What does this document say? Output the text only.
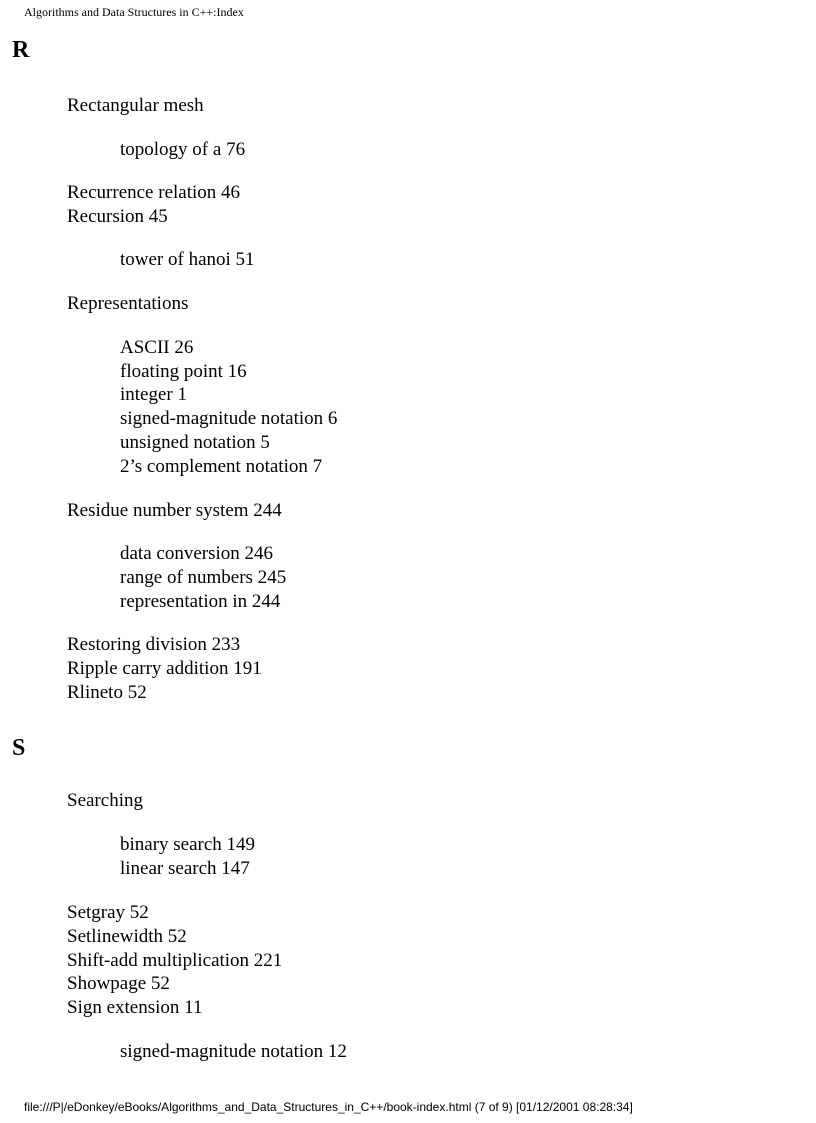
Algorithms and Data Structures in C++:Index
R
Rectangular mesh
topology of a 76
Recurrence relation 46
Recursion 45
tower of hanoi 51
Representations
ASCII 26
floating point 16
integer 1
signed-magnitude notation 6
unsigned notation 5
2’s complement notation 7
Residue number system 244
data conversion 246
range of numbers 245
representation in 244
Restoring division 233
Ripple carry addition 191
Rlineto 52
S
Searching
binary search 149
linear search 147
Setgray 52
Setlinewidth 52
Shift-add multiplication 221
Showpage 52
Sign extension 11
signed-magnitude notation 12
file:///P|/eDonkey/eBooks/Algorithms_and_Data_Structures_in_C++/book-index.html (7 of 9) [01/12/2001 08:28:34]
